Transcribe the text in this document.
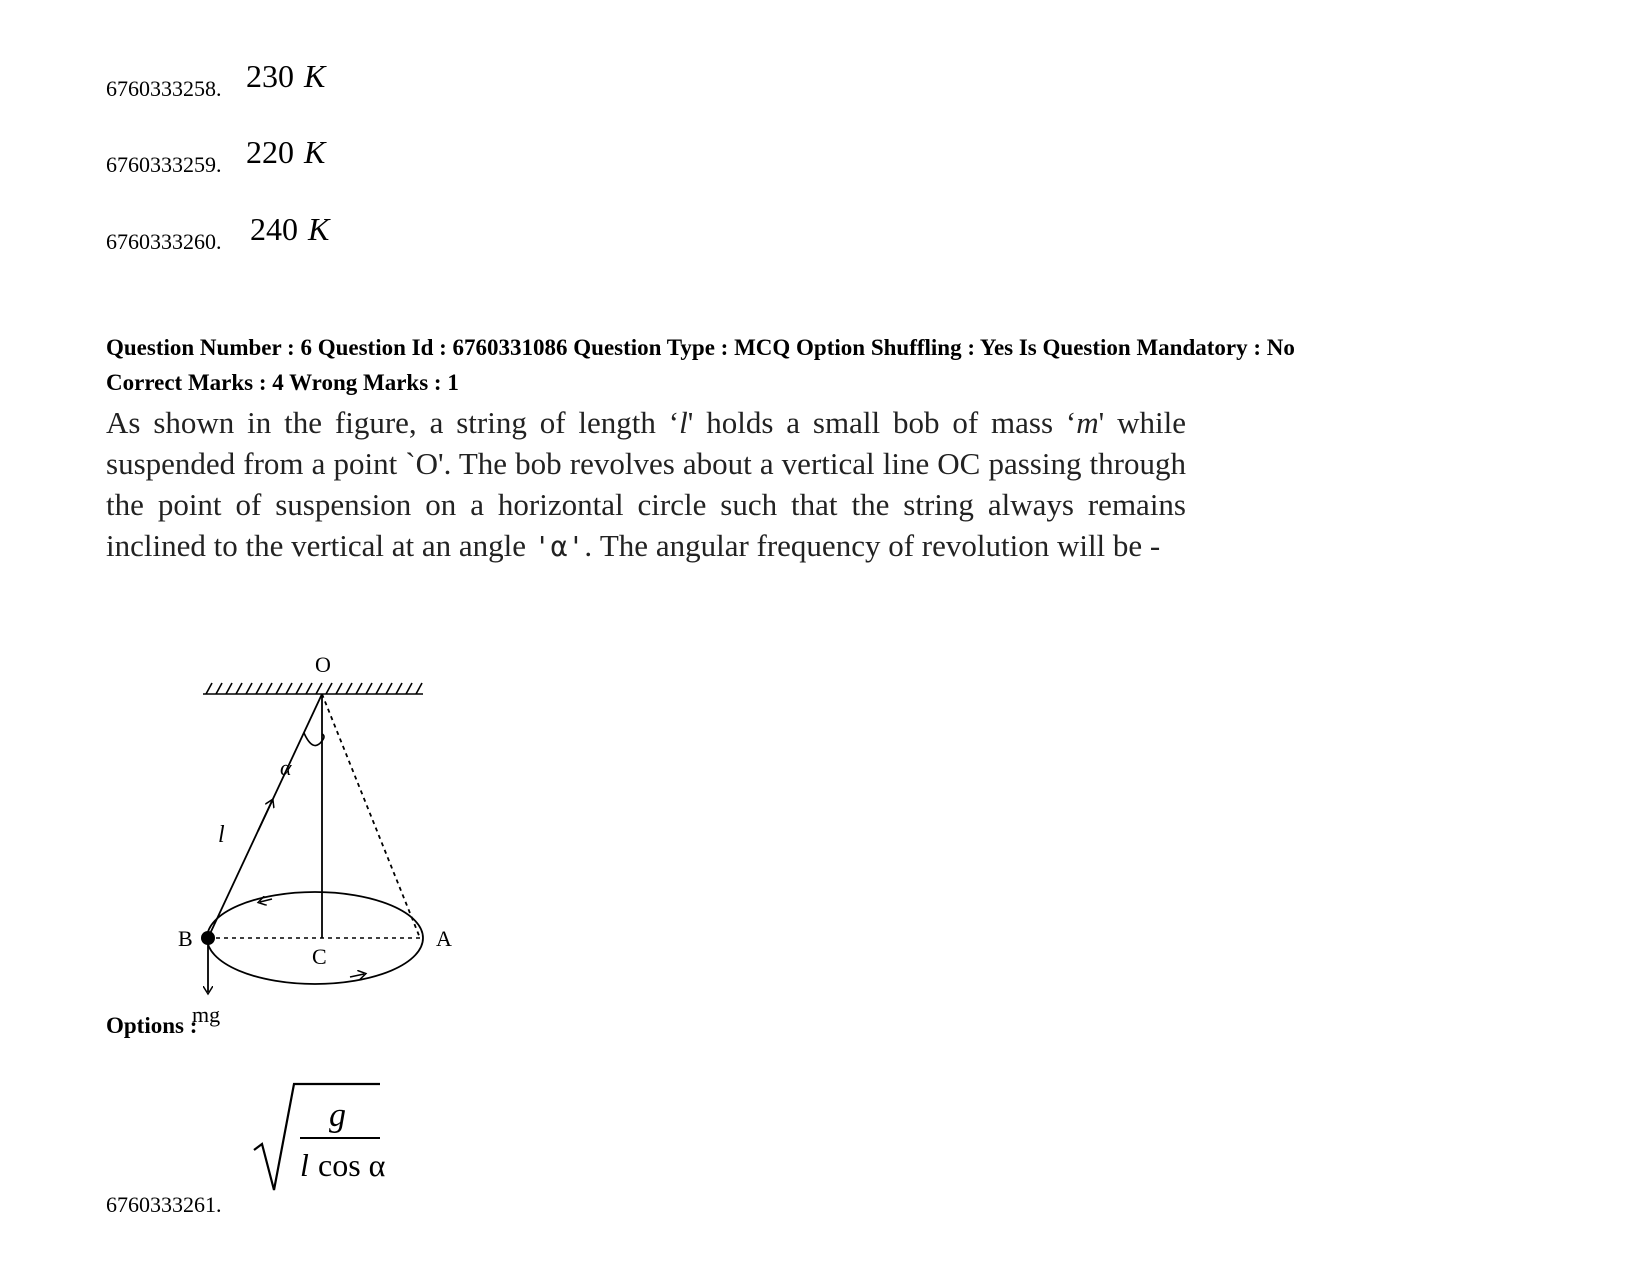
6760333258. 230 K
6760333259. 220 K
6760333260. 240 K
Question Number : 6 Question Id : 6760331086 Question Type : MCQ Option Shuffling : Yes Is Question Mandatory : No
Correct Marks : 4 Wrong Marks : 1
As shown in the figure, a string of length ‘l' holds a small bob of mass ‘m' while suspended from a point `O'. The bob revolves about a vertical line OC passing through the point of suspension on a horizontal circle such that the string always remains inclined to the vertical at an angle 'α'. The angular frequency of revolution will be -
O
α
l
B
C
A
mg
Options :
g
l cos α
6760333261.
